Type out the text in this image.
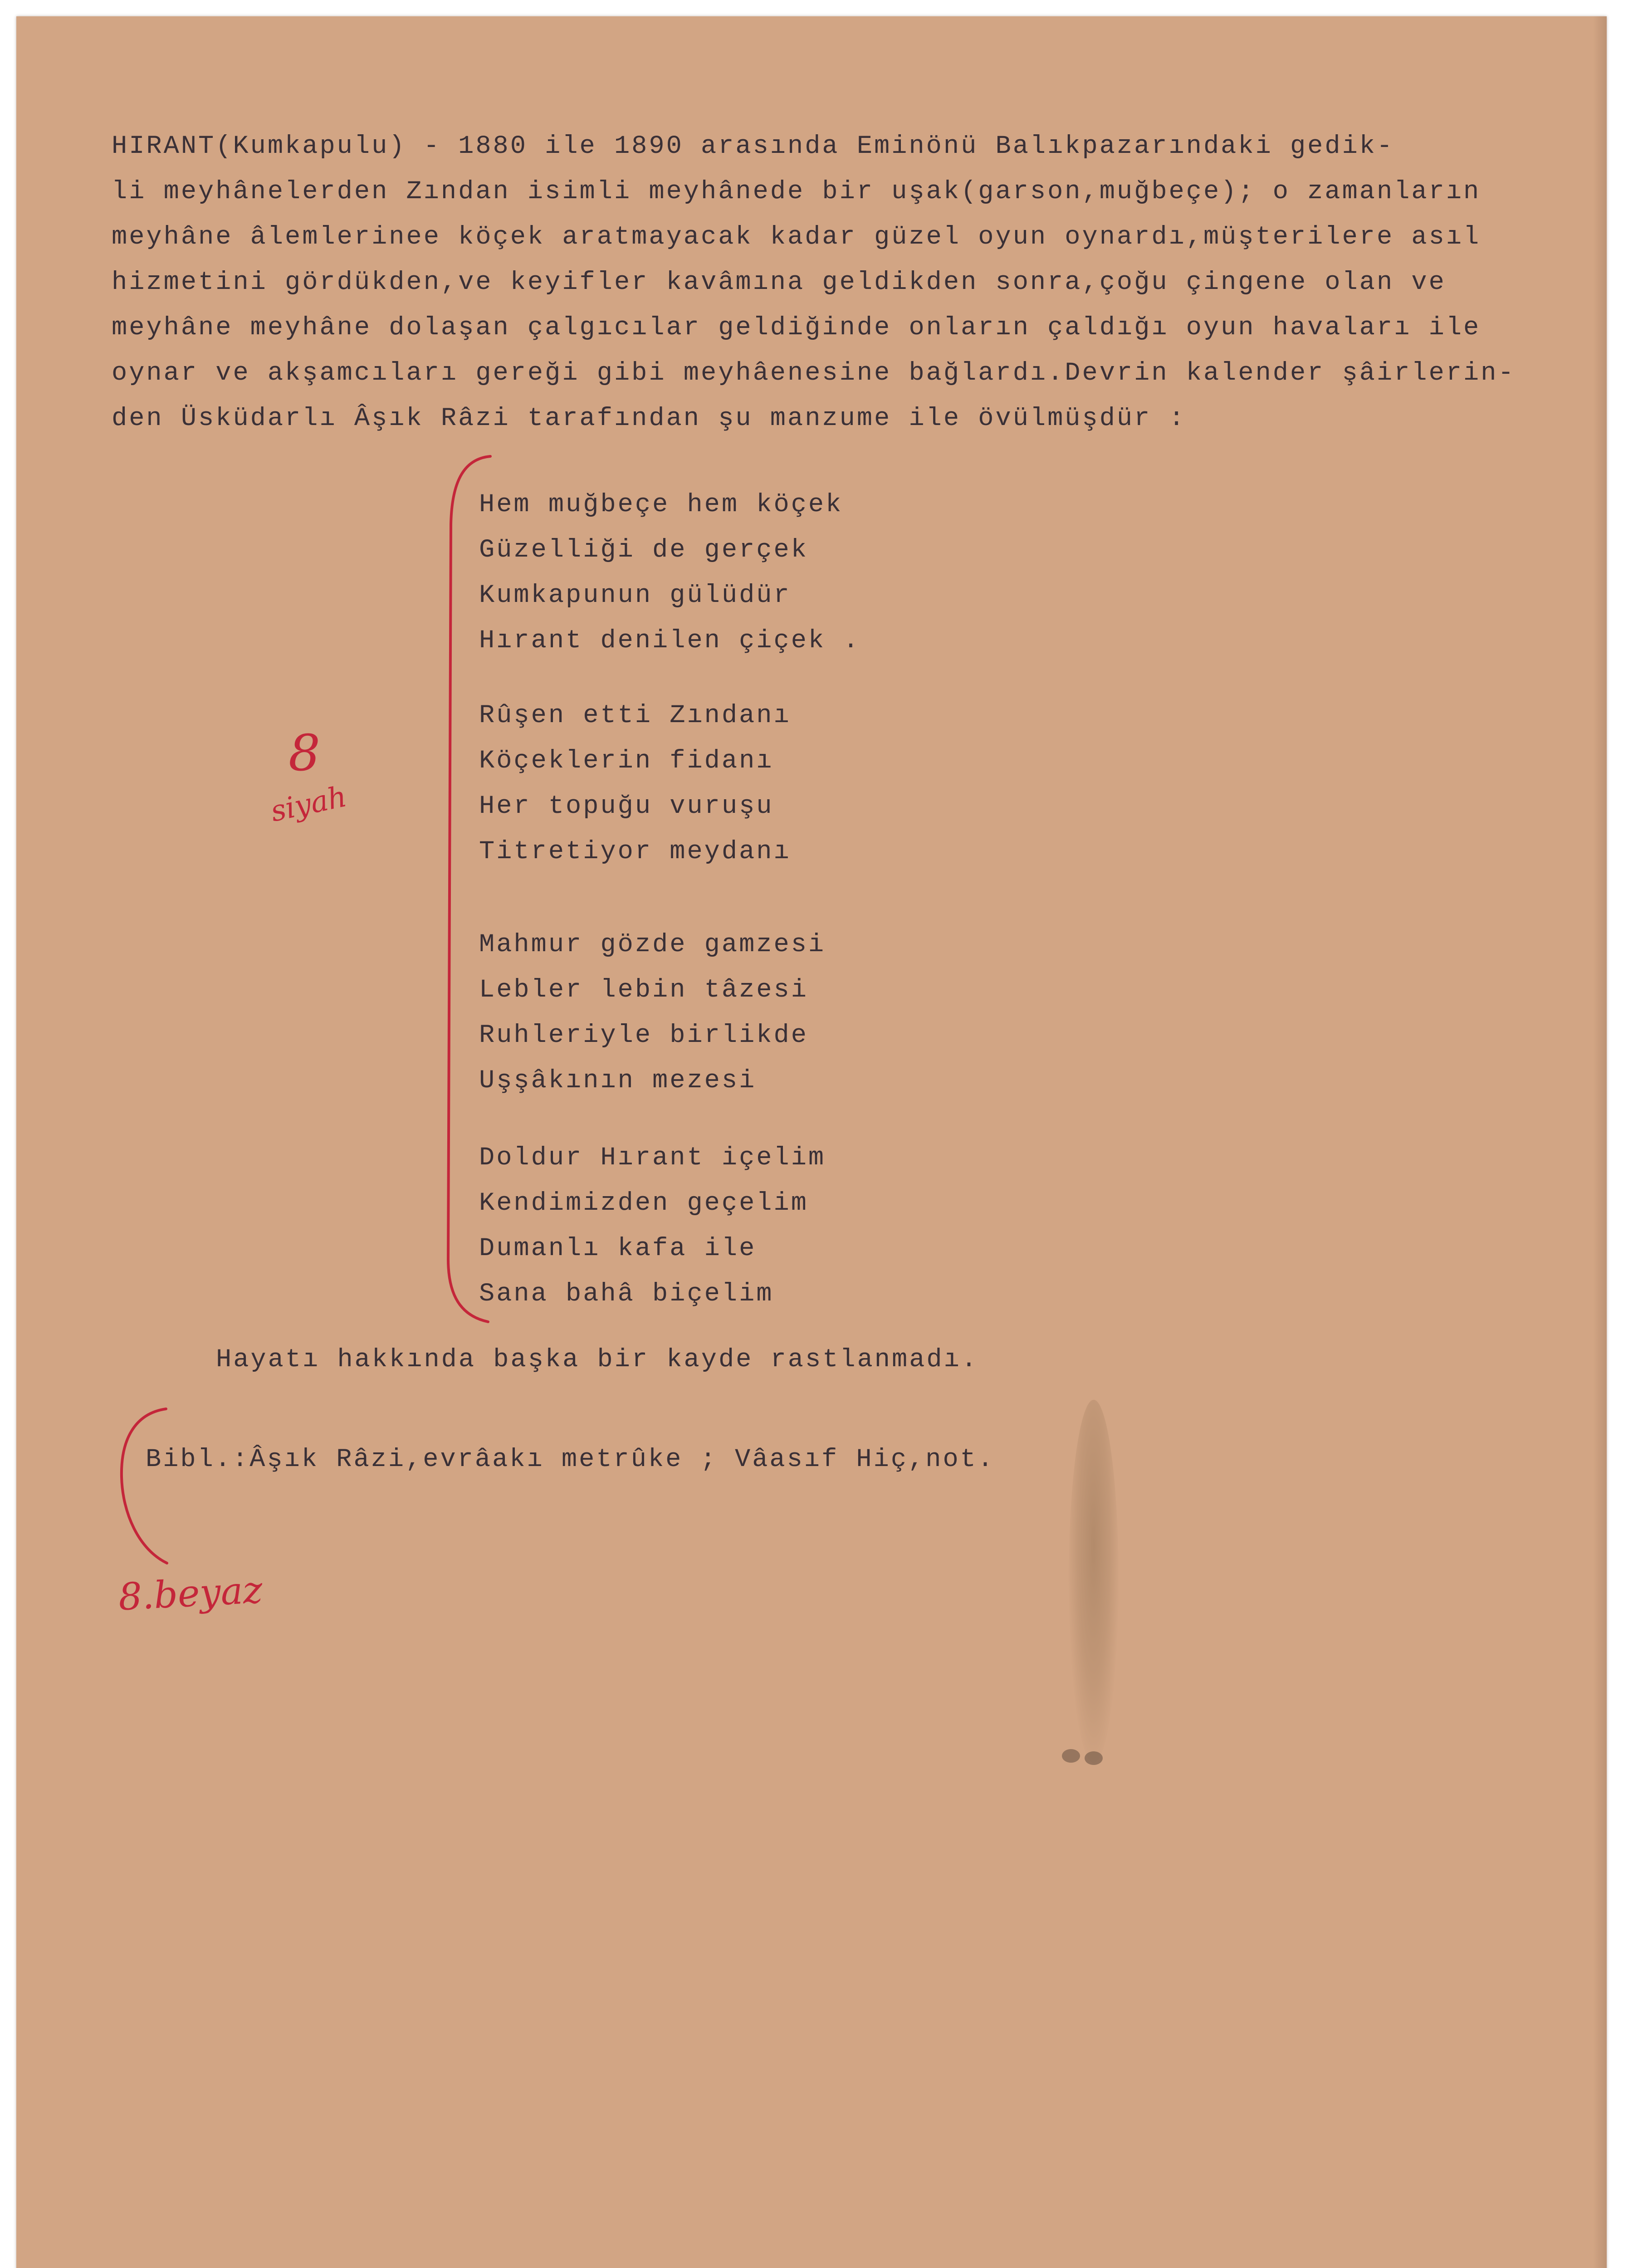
HIRANT(Kumkapulu) - 1880 ile 1890 arasında Eminönü Balıkpazarındaki gedik-
li meyhânelerden Zından isimli meyhânede bir uşak(garson,muğbeçe); o zamanların
meyhâne âlemlerinee köçek aratmayacak kadar güzel oyun oynardı,müşterilere asıl
hizmetini gördükden,ve keyifler kavâmına geldikden sonra,çoğu çingene olan ve
meyhâne meyhâne dolaşan çalgıcılar geldiğinde onların çaldığı oyun havaları ile
oynar ve akşamcıları gereği gibi meyhâenesine bağlardı.Devrin kalender şâirlerin-
den Üsküdarlı Âşık Râzi tarafından şu manzume ile övülmüşdür :
Hem muğbeçe hem köçek
Güzelliği de gerçek
Kumkapunun gülüdür
Hırant denilen çiçek .
Rûşen etti Zındanı
Köçeklerin fidanı
Her topuğu vuruşu
Titretiyor meydanı
Mahmur gözde gamzesi
Lebler lebin tâzesi
Ruhleriyle birlikde
Uşşâkının mezesi
Doldur Hırant içelim
Kendimizden geçelim
Dumanlı kafa ile
Sana bahâ biçelim
8
siyah
Hayatı hakkında başka bir kayde rastlanmadı.
Bibl.:Âşık Râzi,evrâakı metrûke ; Vâasıf Hiç,not.
8.beyaz
